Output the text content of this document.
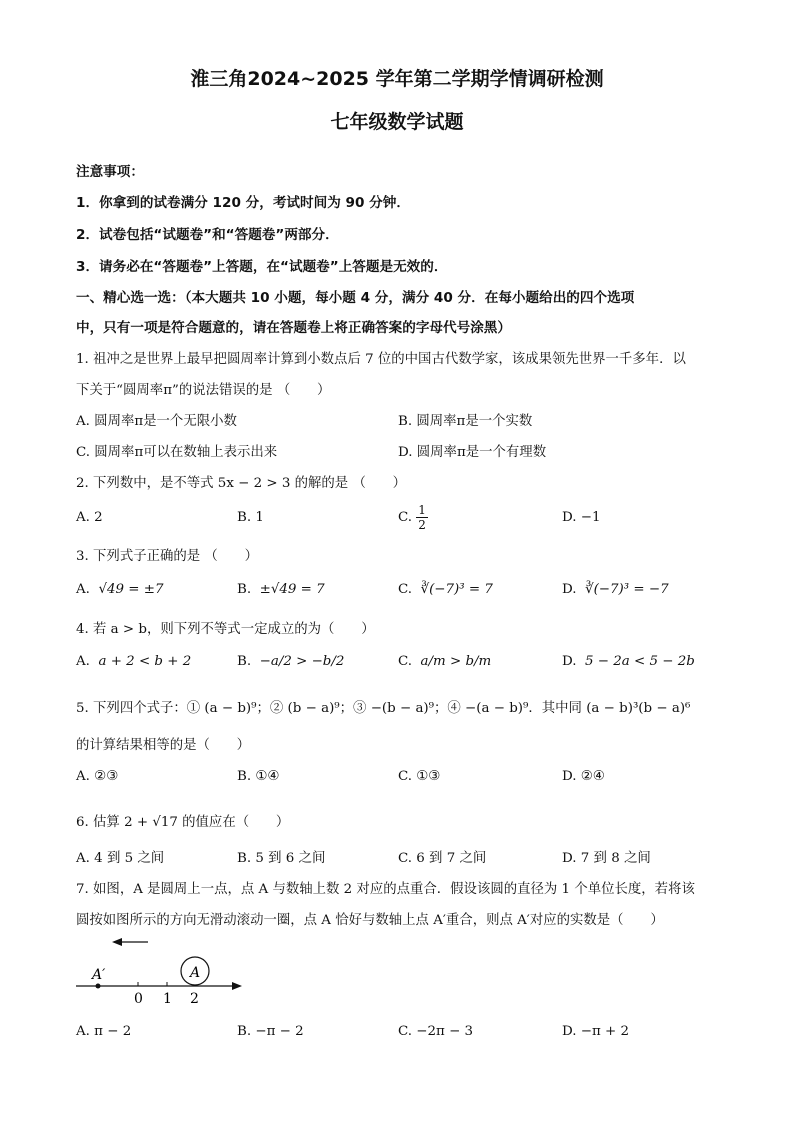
淮三角2024~2025 学年第二学期学情调研检测
七年级数学试题
注意事项：
1．你拿到的试卷满分 120 分，考试时间为 90 分钟．
2．试卷包括“试题卷”和“答题卷”两部分．
3．请务必在“答题卷”上答题，在“试题卷”上答题是无效的．
一、精心选一选：（本大题共 10 小题，每小题 4 分，满分 40 分．在每小题给出的四个选项
中，只有一项是符合题意的，请在答题卷上将正确答案的字母代号涂黑）
1. 祖冲之是世界上最早把圆周率计算到小数点后 7 位的中国古代数学家，该成果领先世界一千多年．以
下关于“圆周率π”的说法错误的是 （　　）
A. 圆周率π是一个无限小数	B. 圆周率π是一个实数
C. 圆周率π可以在数轴上表示出来	D. 圆周率π是一个有理数
2. 下列数中，是不等式 5x − 2 > 3 的解的是 （　　）
A. 2	B. 1	C. $\frac{1}{2}$	D. −1
3. 下列式子正确的是 （　　）
A. √49 = ±7	B. ±√49 = 7	C. ∛(−7)³ = 7	D. ∛(−7)³ = −7
4. 若 a > b，则下列不等式一定成立的为（　　）
A. a + 2 < b + 2	B. −a/2 > −b/2	C. a/m > b/m	D. 5 − 2a < 5 − 2b
5. 下列四个式子：① (a − b)⁹；② (b − a)⁹；③ −(b − a)⁹；④ −(a − b)⁹．其中同 (a − b)³(b − a)⁶
的计算结果相等的是（　　）
A. ②③	B. ①④	C. ①③	D. ②④
6. 估算 2 + √17 的值应在（　　）
A. 4 到 5 之间	B. 5 到 6 之间	C. 6 到 7 之间	D. 7 到 8 之间
7. 如图，A 是圆周上一点，点 A 与数轴上数 2 对应的点重合．假设该圆的直径为 1 个单位长度，若将该
圆按如图所示的方向无滑动滚动一圈，点 A 恰好与数轴上点 A′重合，则点 A′对应的实数是（　　）
A′	A
0 1 2
A. π − 2	B. −π − 2	C. −2π − 3	D. −π + 2
